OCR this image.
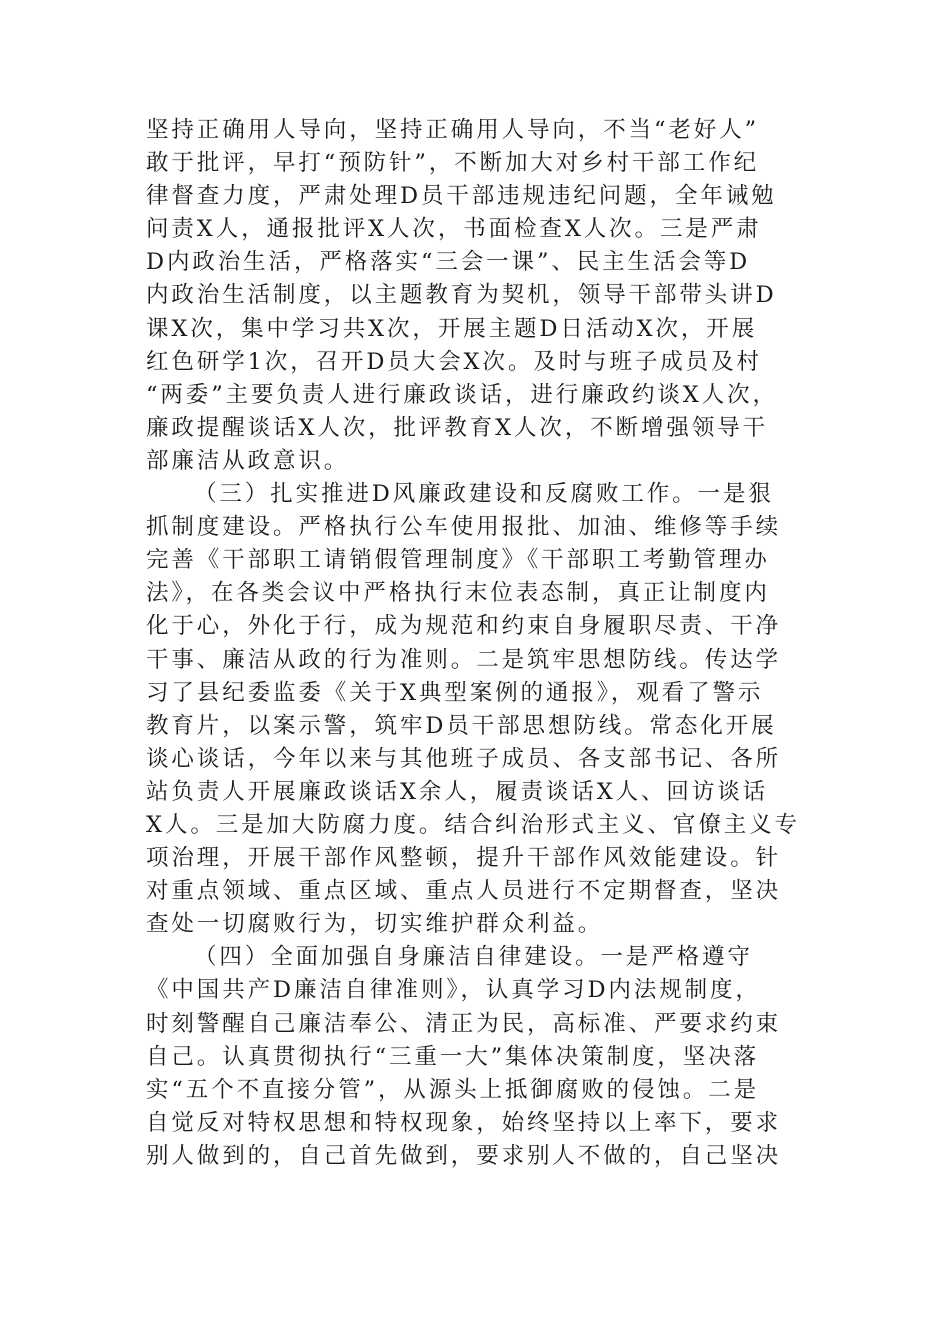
坚持正确用人导向，坚持正确用人导向，不当“老好人”
敢于批评，早打“预防针”，不断加大对乡村干部工作纪
律督查力度，严肃处理D员干部违规违纪问题，全年诫勉
问责X人，通报批评X人次，书面检查X人次。三是严肃
D内政治生活，严格落实“三会一课”、民主生活会等D
内政治生活制度，以主题教育为契机，领导干部带头讲D
课X次，集中学习共X次，开展主题D日活动X次，开展
红色研学1次，召开D员大会X次。及时与班子成员及村
“两委”主要负责人进行廉政谈话，进行廉政约谈X人次，
廉政提醒谈话X人次，批评教育X人次，不断增强领导干
部廉洁从政意识。
（三）扎实推进D风廉政建设和反腐败工作。一是狠
抓制度建设。严格执行公车使用报批、加油、维修等手续
完善《干部职工请销假管理制度》《干部职工考勤管理办
法》，在各类会议中严格执行末位表态制，真正让制度内
化于心，外化于行，成为规范和约束自身履职尽责、干净
干事、廉洁从政的行为准则。二是筑牢思想防线。传达学
习了县纪委监委《关于X典型案例的通报》，观看了警示
教育片，以案示警，筑牢D员干部思想防线。常态化开展
谈心谈话，今年以来与其他班子成员、各支部书记、各所
站负责人开展廉政谈话X余人，履责谈话X人、回访谈话
X人。三是加大防腐力度。结合纠治形式主义、官僚主义专
项治理，开展干部作风整顿，提升干部作风效能建设。针
对重点领域、重点区域、重点人员进行不定期督查，坚决
查处一切腐败行为，切实维护群众利益。
（四）全面加强自身廉洁自律建设。一是严格遵守
《中国共产D廉洁自律准则》，认真学习D内法规制度，
时刻警醒自己廉洁奉公、清正为民，高标准、严要求约束
自己。认真贯彻执行“三重一大”集体决策制度，坚决落
实“五个不直接分管”，从源头上抵御腐败的侵蚀。二是
自觉反对特权思想和特权现象，始终坚持以上率下，要求
别人做到的，自己首先做到，要求别人不做的，自己坚决
